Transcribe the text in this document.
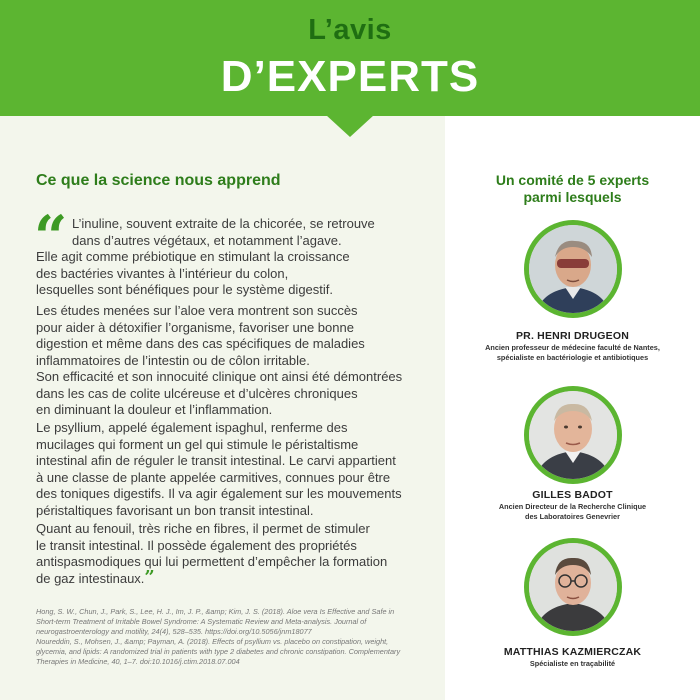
L’avis
D’EXPERTS
Ce que la science nous apprend
“ L’inuline, souvent extraite de la chicorée, se retrouve
dans d’autres végétaux, et notamment l’agave.
Elle agit comme prébiotique en stimulant la croissance
des bactéries vivantes à l’intérieur du colon,
lesquelles sont bénéfiques pour le système digestif.
Les études menées sur l’aloe vera montrent son succès
pour aider à détoxifier l’organisme, favoriser une bonne
digestion et même dans des cas spécifiques de maladies
inflammatoires de l’intestin ou de côlon irritable.
Son efficacité et son innocuité clinique ont ainsi été démontrées
dans les cas de colite ulcéreuse et d’ulcères chroniques
en diminuant la douleur et l’inflammation.
Le psyllium, appelé également ispaghul, renferme des
mucilages qui forment un gel qui stimule le péristaltisme
intestinal afin de réguler le transit intestinal. Le carvi appartient
à une classe de plante appelée carmitives, connues pour être
des toniques digestifs. Il va agir également sur les mouvements
péristaltiques favorisant un bon transit intestinal.
Quant au fenouil, très riche en fibres, il permet de stimuler
le transit intestinal. Il possède également des propriétés
antispasmodiques qui lui permettent d’empêcher la formation
de gaz intestinaux.”
Hong, S. W., Chun, J., Park, S., Lee, H. J., Im, J. P., &amp; Kim, J. S. (2018). Aloe vera Is Effective and Safe in Short-term Treatment of Irritable Bowel Syndrome: A Systematic Review and Meta-analysis. Journal of neurogastroenterology and motility, 24(4), 528–535. https://doi.org/10.5056/jnm18077
Noureddin, S., Mohsen, J., &amp; Payman, A. (2018). Effects of psyllium vs. placebo on constipation, weight, glycemia, and lipids: A randomized trial in patients with type 2 diabetes and chronic constipation. Complementary Therapies in Medicine, 40, 1–7. doi:10.1016/j.ctim.2018.07.004
Un comité de 5 experts
parmi lesquels
PR. HENRI DRUGEON
Ancien professeur de médecine faculté de Nantes,
spécialiste en bactériologie et antibiotiques
GILLES BADOT
Ancien Directeur de la Recherche Clinique
des Laboratoires Genevrier
MATTHIAS KAZMIERCZAK
Spécialiste en traçabilité
